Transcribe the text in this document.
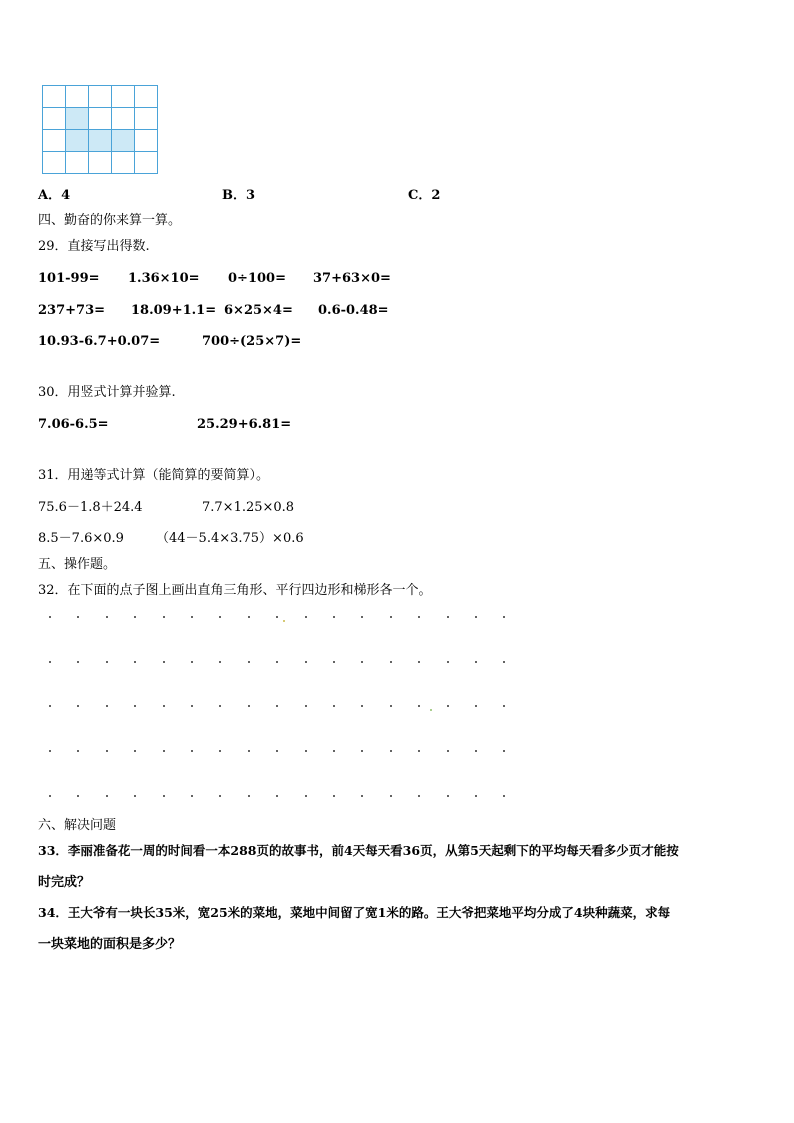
A．4	B．3	C．2
四、勤奋的你来算一算。
29．直接写出得数.
101-99= 1.36×10= 0÷100= 37+63×0=
237+73= 18.09+1.1= 6×25×4= 0.6-0.48=
10.93-6.7+0.07=	700÷(25×7)=
30．用竖式计算并验算.
7.06-6.5=	25.29+6.81=
31．用递等式计算（能简算的要简算）。
75.6－1.8＋24.4	7.7×1.25×0.8
8.5－7.6×0.9 （44－5.4×3.75）×0.6
五、操作题。
32．在下面的点子图上画出直角三角形、平行四边形和梯形各一个。
六、解决问题
33．李丽准备花一周的时间看一本288页的故事书，前4天每天看36页，从第5天起剩下的平均每天看多少页才能按
时完成？
34．王大爷有一块长35米，宽25米的菜地，菜地中间留了宽1米的路。王大爷把菜地平均分成了4块种蔬菜，求每
一块菜地的面积是多少？
